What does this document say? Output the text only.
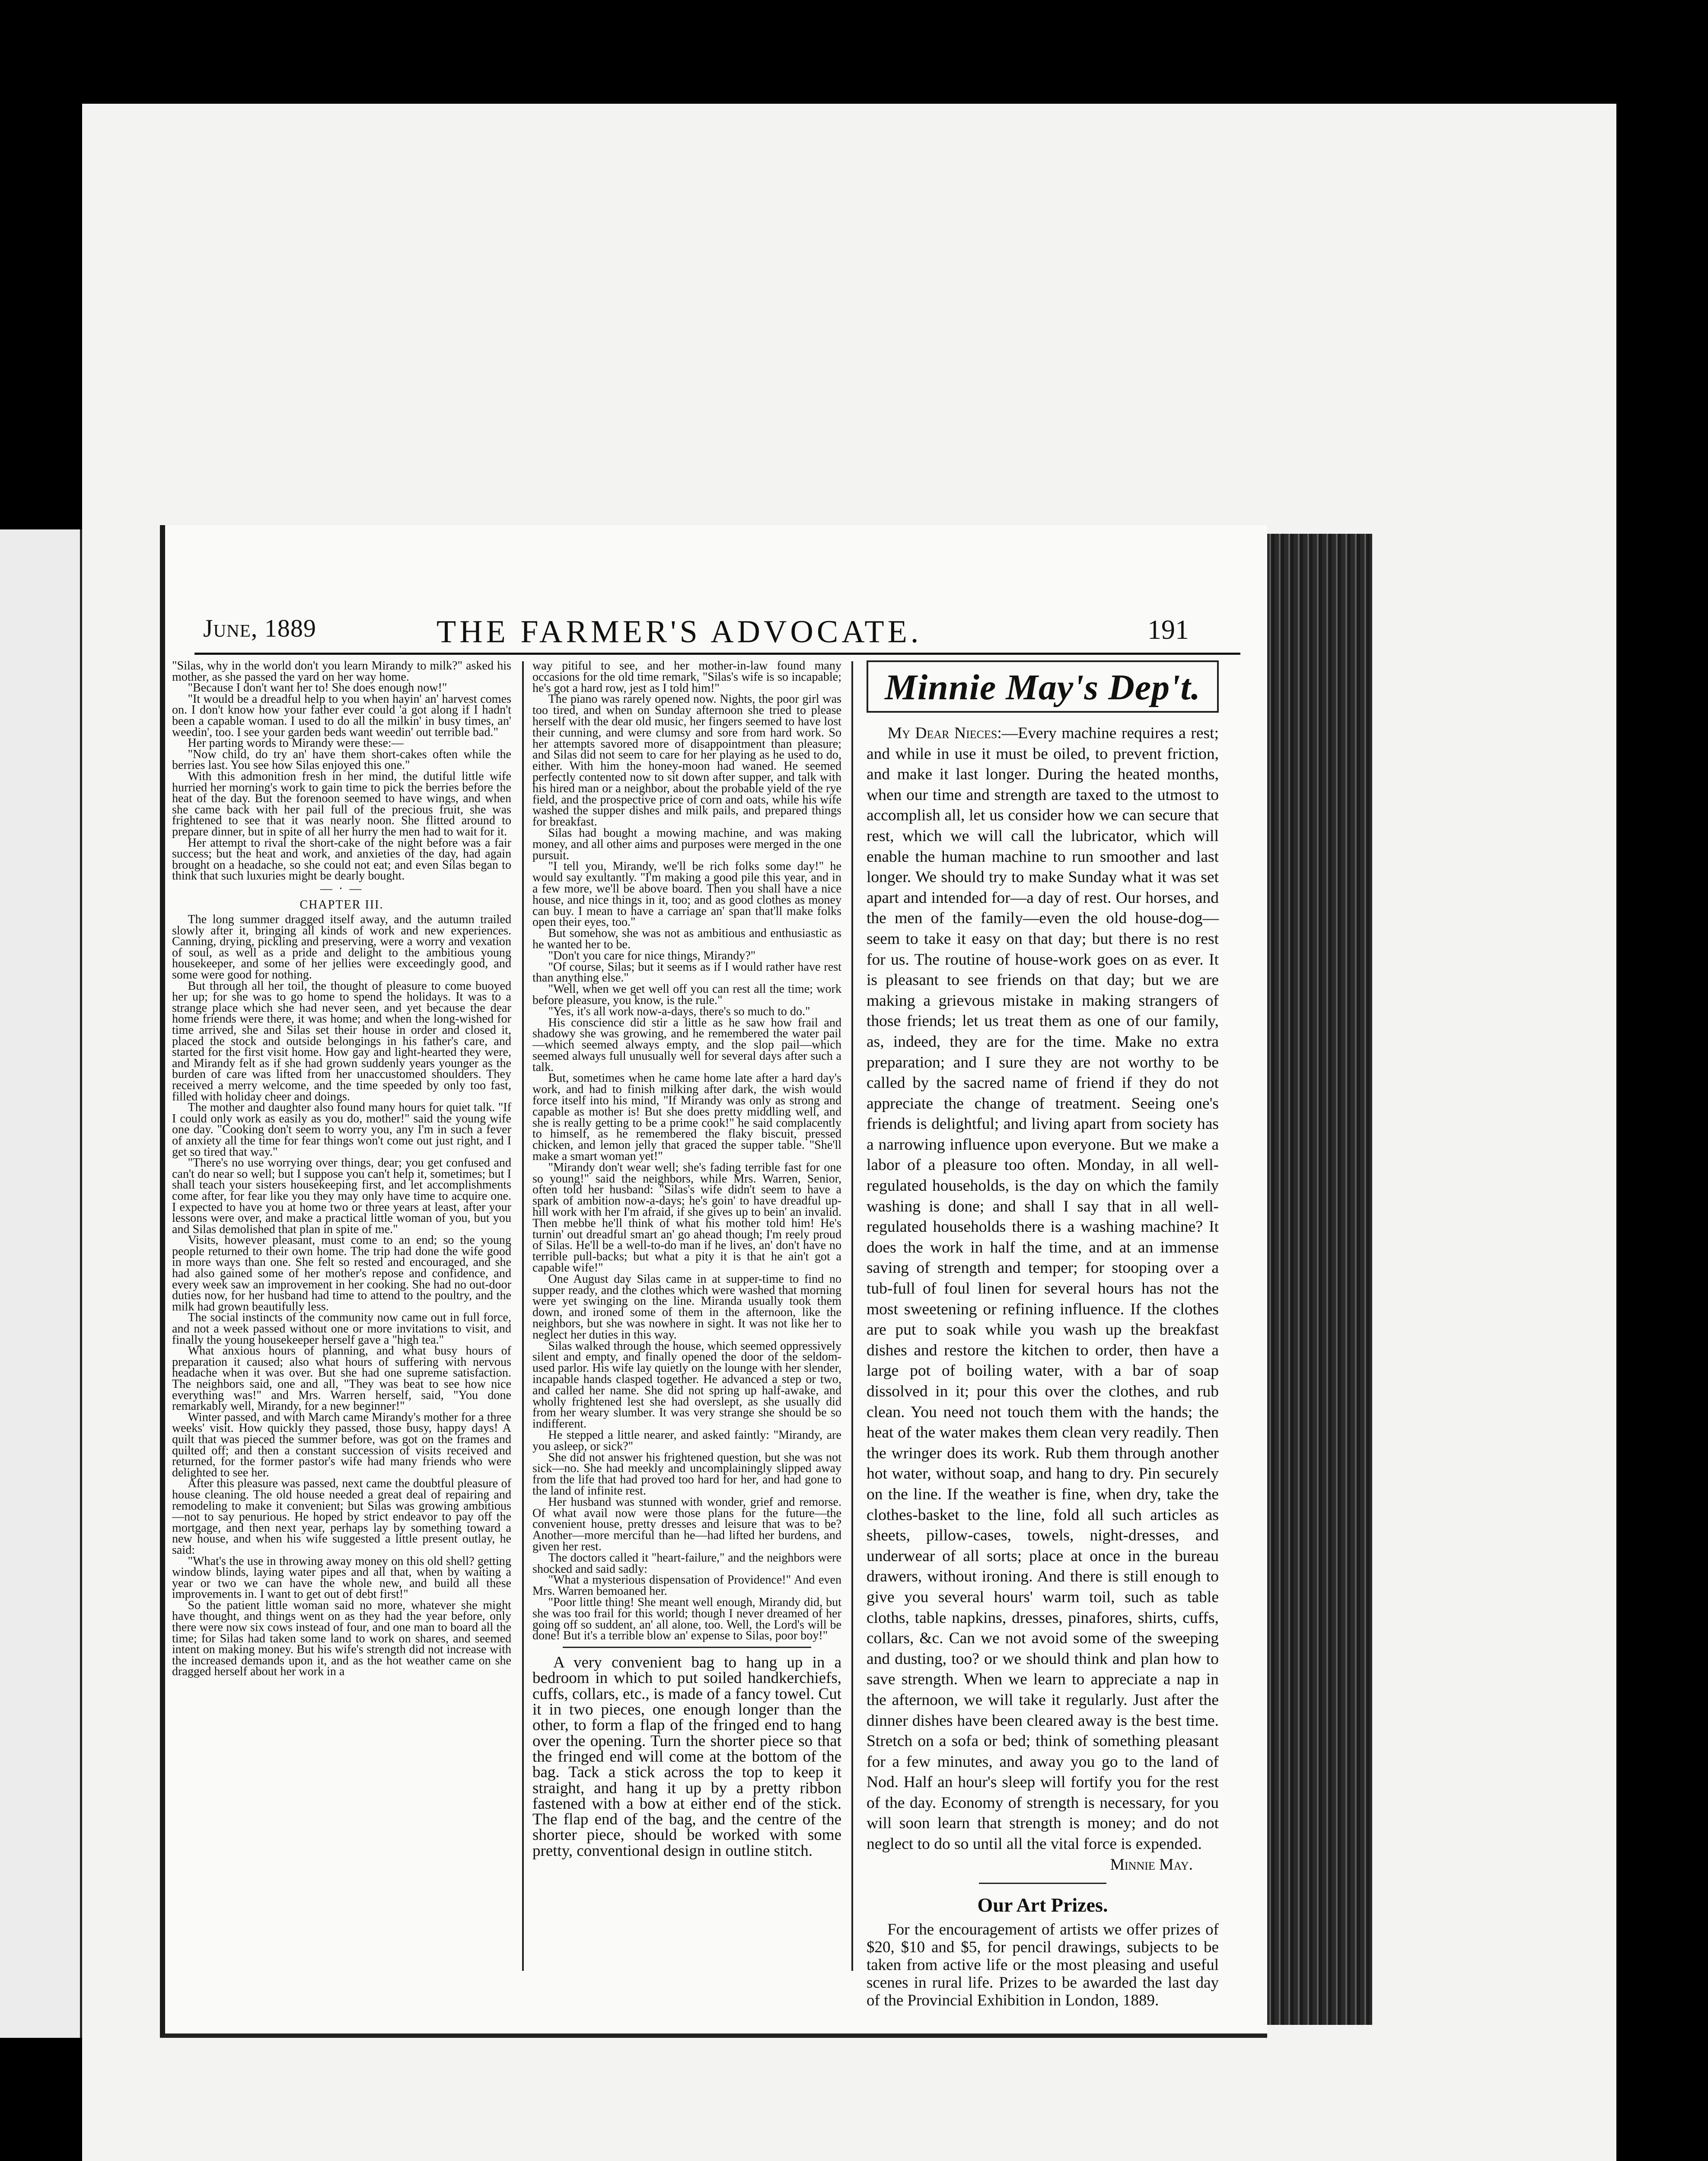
June, 1889	THE FARMER'S ADVOCATE.	191

"Silas, why in the world don't you learn Mirandy to milk?" asked his mother, as she passed the yard on her way home.

"Because I don't want her to! She does enough now!"

"It would be a dreadful help to you when hayin' an' harvest comes on. I don't know how your father ever could 'a got along if I hadn't been a capable woman. I used to do all the milkin' in busy times, an' weedin', too. I see your garden beds want weedin' out terrible bad."

Her parting words to Mirandy were these:—

"Now child, do try an' have them short-cakes often while the berries last. You see how Silas enjoyed this one."

With this admonition fresh in her mind, the dutiful little wife hurried her morning's work to gain time to pick the berries before the heat of the day. But the forenoon seemed to have wings, and when she came back with her pail full of the precious fruit, she was frightened to see that it was nearly noon. She flitted around to prepare dinner, but in spite of all her hurry the men had to wait for it.

Her attempt to rival the short-cake of the night before was a fair success; but the heat and work, and anxieties of the day, had again brought on a headache, so she could not eat; and even Silas began to think that such luxuries might be dearly bought.

— · —

CHAPTER III.

The long summer dragged itself away, and the autumn trailed slowly after it, bringing all kinds of work and new experiences. Canning, drying, pickling and preserving, were a worry and vexation of soul, as well as a pride and delight to the ambitious young housekeeper, and some of her jellies were exceedingly good, and some were good for nothing.

But through all her toil, the thought of pleasure to come buoyed her up; for she was to go home to spend the holidays. It was to a strange place which she had never seen, and yet because the dear home friends were there, it was home; and when the long-wished for time arrived, she and Silas set their house in order and closed it, placed the stock and outside belongings in his father's care, and started for the first visit home. How gay and light-hearted they were, and Mirandy felt as if she had grown suddenly years younger as the burden of care was lifted from her unaccustomed shoulders. They received a merry welcome, and the time speeded by only too fast, filled with holiday cheer and doings.

The mother and daughter also found many hours for quiet talk. "If I could only work as easily as you do, mother!" said the young wife one day. "Cooking don't seem to worry you, any I'm in such a fever of anxiety all the time for fear things won't come out just right, and I get so tired that way."

"There's no use worrying over things, dear; you get confused and can't do near so well; but I suppose you can't help it, sometimes; but I shall teach your sisters housekeeping first, and let accomplishments come after, for fear like you they may only have time to acquire one. I expected to have you at home two or three years at least, after your lessons were over, and make a practical little woman of you, but you and Silas demolished that plan in spite of me."

Visits, however pleasant, must come to an end; so the young people returned to their own home. The trip had done the wife good in more ways than one. She felt so rested and encouraged, and she had also gained some of her mother's repose and confidence, and every week saw an improvement in her cooking. She had no out-door duties now, for her husband had time to attend to the poultry, and the milk had grown beautifully less.

The social instincts of the community now came out in full force, and not a week passed without one or more invitations to visit, and finally the young housekeeper herself gave a "high tea."

What anxious hours of planning, and what busy hours of preparation it caused; also what hours of suffering with nervous headache when it was over. But she had one supreme satisfaction. The neighbors said, one and all, "They was beat to see how nice everything was!" and Mrs. Warren herself, said, "You done remarkably well, Mirandy, for a new beginner!"

Winter passed, and with March came Mirandy's mother for a three weeks' visit. How quickly they passed, those busy, happy days! A quilt that was pieced the summer before, was got on the frames and quilted off; and then a constant succession of visits received and returned, for the former pastor's wife had many friends who were delighted to see her.

After this pleasure was passed, next came the doubtful pleasure of house cleaning. The old house needed a great deal of repairing and remodeling to make it convenient; but Silas was growing ambitious—not to say penurious. He hoped by strict endeavor to pay off the mortgage, and then next year, perhaps lay by something toward a new house, and when his wife suggested a little present outlay, he said:

"What's the use in throwing away money on this old shell? getting window blinds, laying water pipes and all that, when by waiting a year or two we can have the whole new, and build all these improvements in. I want to get out of debt first!"

So the patient little woman said no more, whatever she might have thought, and things went on as they had the year before, only there were now six cows instead of four, and one man to board all the time; for Silas had taken some land to work on shares, and seemed intent on making money. But his wife's strength did not increase with the increased demands upon it, and as the hot weather came on she dragged herself about her work in a

way pitiful to see, and her mother-in-law found many occasions for the old time remark, "Silas's wife is so incapable; he's got a hard row, jest as I told him!"

The piano was rarely opened now. Nights, the poor girl was too tired, and when on Sunday afternoon she tried to please herself with the dear old music, her fingers seemed to have lost their cunning, and were clumsy and sore from hard work. So her attempts savored more of disappointment than pleasure; and Silas did not seem to care for her playing as he used to do, either. With him the honey-moon had waned. He seemed perfectly contented now to sit down after supper, and talk with his hired man or a neighbor, about the probable yield of the rye field, and the prospective price of corn and oats, while his wife washed the supper dishes and milk pails, and prepared things for breakfast.

Silas had bought a mowing machine, and was making money, and all other aims and purposes were merged in the one pursuit.

"I tell you, Mirandy, we'll be rich folks some day!" he would say exultantly. "I'm making a good pile this year, and in a few more, we'll be above board. Then you shall have a nice house, and nice things in it, too; and as good clothes as money can buy. I mean to have a carriage an' span that'll make folks open their eyes, too."

But somehow, she was not as ambitious and enthusiastic as he wanted her to be.

"Don't you care for nice things, Mirandy?"

"Of course, Silas; but it seems as if I would rather have rest than anything else."

"Well, when we get well off you can rest all the time; work before pleasure, you know, is the rule."

"Yes, it's all work now-a-days, there's so much to do."

His conscience did stir a little as he saw how frail and shadowy she was growing, and he remembered the water pail—which seemed always empty, and the slop pail—which seemed always full unusually well for several days after such a talk.

But, sometimes when he came home late after a hard day's work, and had to finish milking after dark, the wish would force itself into his mind, "If Mirandy was only as strong and capable as mother is! But she does pretty middling well, and she is really getting to be a prime cook!" he said complacently to himself, as he remembered the flaky biscuit, pressed chicken, and lemon jelly that graced the supper table. "She'll make a smart woman yet!"

"Mirandy don't wear well; she's fading terrible fast for one so young!" said the neighbors, while Mrs. Warren, Senior, often told her husband: "Silas's wife didn't seem to have a spark of ambition now-a-days; he's goin' to have dreadful up-hill work with her I'm afraid, if she gives up to bein' an invalid. Then mebbe he'll think of what his mother told him! He's turnin' out dreadful smart an' go ahead though; I'm reely proud of Silas. He'll be a well-to-do man if he lives, an' don't have no terrible pull-backs; but what a pity it is that he ain't got a capable wife!"

One August day Silas came in at supper-time to find no supper ready, and the clothes which were washed that morning were yet swinging on the line. Miranda usually took them down, and ironed some of them in the afternoon, like the neighbors, but she was nowhere in sight. It was not like her to neglect her duties in this way.

Silas walked through the house, which seemed oppressively silent and empty, and finally opened the door of the seldom-used parlor. His wife lay quietly on the lounge with her slender, incapable hands clasped together. He advanced a step or two, and called her name. She did not spring up half-awake, and wholly frightened lest she had overslept, as she usually did from her weary slumber. It was very strange she should be so indifferent.

He stepped a little nearer, and asked faintly: "Mirandy, are you asleep, or sick?"

She did not answer his frightened question, but she was not sick—no. She had meekly and uncomplainingly slipped away from the life that had proved too hard for her, and had gone to the land of infinite rest.

Her husband was stunned with wonder, grief and remorse. Of what avail now were those plans for the future—the convenient house, pretty dresses and leisure that was to be? Another—more merciful than he—had lifted her burdens, and given her rest.

The doctors called it "heart-failure," and the neighbors were shocked and said sadly:

"What a mysterious dispensation of Providence!" And even Mrs. Warren bemoaned her.

"Poor little thing! She meant well enough, Mirandy did, but she was too frail for this world; though I never dreamed of her going off so suddent, an' all alone, too. Well, the Lord's will be done! But it's a terrible blow an' expense to Silas, poor boy!"

A very convenient bag to hang up in a bedroom in which to put soiled handkerchiefs, cuffs, collars, etc., is made of a fancy towel. Cut it in two pieces, one enough longer than the other, to form a flap of the fringed end to hang over the opening. Turn the shorter piece so that the fringed end will come at the bottom of the bag. Tack a stick across the top to keep it straight, and hang it up by a pretty ribbon fastened with a bow at either end of the stick. The flap end of the bag, and the centre of the shorter piece, should be worked with some pretty, conventional design in outline stitch.

Minnie May's Dep't.

My Dear Nieces:—Every machine requires a rest; and while in use it must be oiled, to prevent friction, and make it last longer. During the heated months, when our time and strength are taxed to the utmost to accomplish all, let us consider how we can secure that rest, which we will call the lubricator, which will enable the human machine to run smoother and last longer. We should try to make Sunday what it was set apart and intended for—a day of rest. Our horses, and the men of the family—even the old house-dog—seem to take it easy on that day; but there is no rest for us. The routine of house-work goes on as ever. It is pleasant to see friends on that day; but we are making a grievous mistake in making strangers of those friends; let us treat them as one of our family, as, indeed, they are for the time. Make no extra preparation; and I sure they are not worthy to be called by the sacred name of friend if they do not appreciate the change of treatment. Seeing one's friends is delightful; and living apart from society has a narrowing influence upon everyone. But we make a labor of a pleasure too often. Monday, in all well-regulated households, is the day on which the family washing is done; and shall I say that in all well-regulated households there is a washing machine? It does the work in half the time, and at an immense saving of strength and temper; for stooping over a tub-full of foul linen for several hours has not the most sweetening or refining influence. If the clothes are put to soak while you wash up the breakfast dishes and restore the kitchen to order, then have a large pot of boiling water, with a bar of soap dissolved in it; pour this over the clothes, and rub clean. You need not touch them with the hands; the heat of the water makes them clean very readily. Then the wringer does its work. Rub them through another hot water, without soap, and hang to dry. Pin securely on the line. If the weather is fine, when dry, take the clothes-basket to the line, fold all such articles as sheets, pillow-cases, towels, night-dresses, and underwear of all sorts; place at once in the bureau drawers, without ironing. And there is still enough to give you several hours' warm toil, such as table cloths, table napkins, dresses, pinafores, shirts, cuffs, collars, &c. Can we not avoid some of the sweeping and dusting, too? or we should think and plan how to save strength. When we learn to appreciate a nap in the afternoon, we will take it regularly. Just after the dinner dishes have been cleared away is the best time. Stretch on a sofa or bed; think of something pleasant for a few minutes, and away you go to the land of Nod. Half an hour's sleep will fortify you for the rest of the day. Economy of strength is necessary, for you will soon learn that strength is money; and do not neglect to do so until all the vital force is expended.

Minnie May.

Our Art Prizes.

For the encouragement of artists we offer prizes of $20, $10 and $5, for pencil drawings, subjects to be taken from active life or the most pleasing and useful scenes in rural life. Prizes to be awarded the last day of the Provincial Exhibition in London, 1889.
